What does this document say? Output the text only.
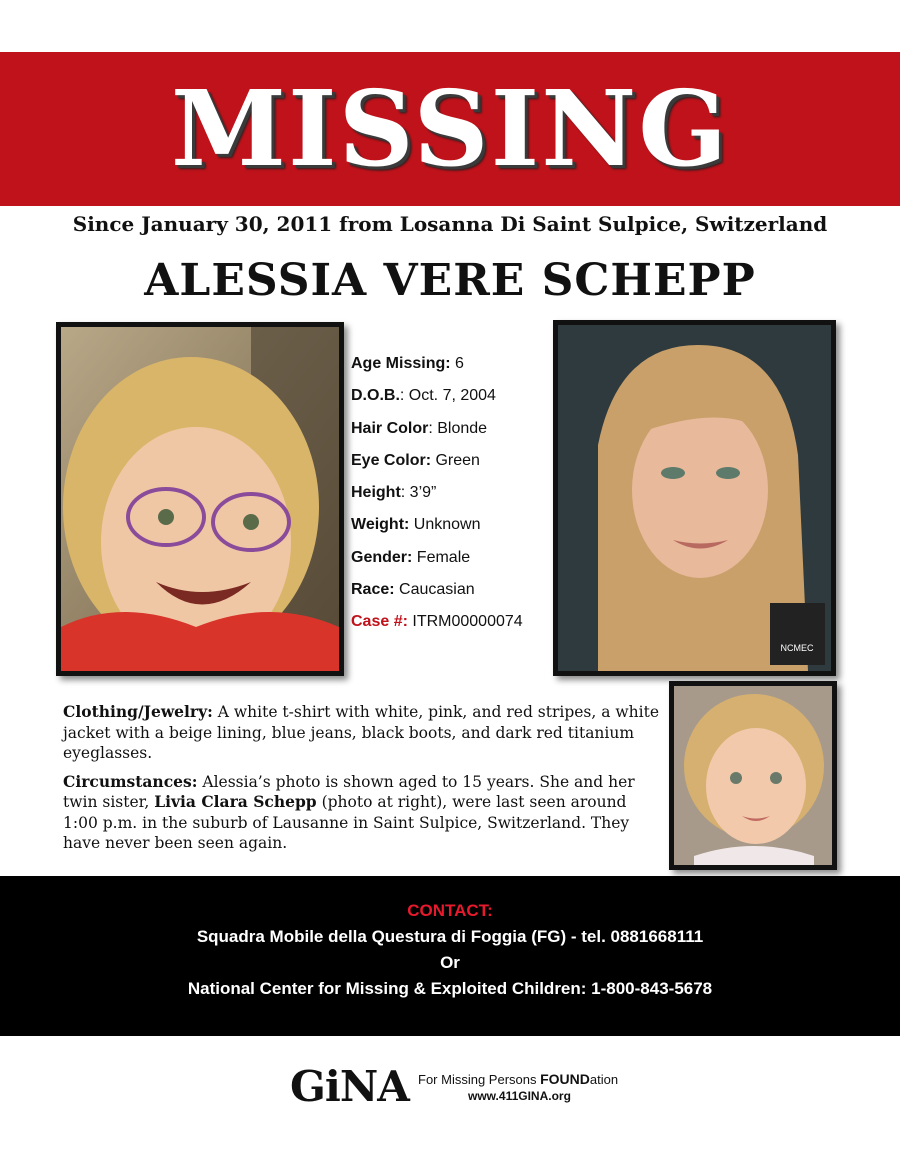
MISSING
Since January 30, 2011 from Losanna Di Saint Sulpice, Switzerland
ALESSIA VERE SCHEPP
NCMEC
Age Missing: 6
D.O.B.: Oct. 7, 2004
Hair Color: Blonde
Eye Color: Green
Height: 3’9”
Weight: Unknown
Gender: Female
Race: Caucasian
Case #: ITRM00000074

Clothing/Jewelry: A white t-shirt with white, pink, and red stripes, a white jacket with a beige lining, blue jeans, black boots, and dark red titanium eyeglasses.

Circumstances: Alessia’s photo is shown aged to 15 years. She and her twin sister, Livia Clara Schepp (photo at right), were last seen around 1:00 p.m. in the suburb of Lausanne in Saint Sulpice, Switzerland. They have never been seen again.

CONTACT:
Squadra Mobile della Questura di Foggia (FG) - tel. 0881668111
Or
National Center for Missing & Exploited Children: 1-800-843-5678
GiNA For Missing Persons FOUNDation
www.411GINA.org
